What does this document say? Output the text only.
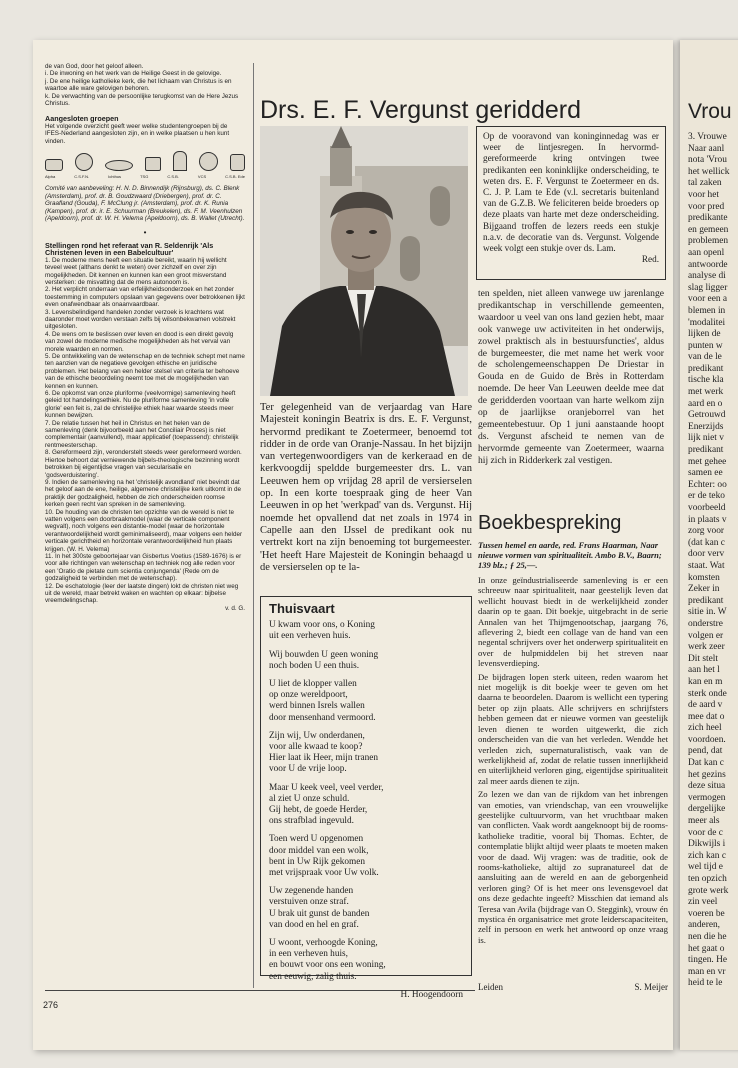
Vrou
3. Vrouwe
Naar aanl
nota 'Vrou
het wellick
tal zaken
voor het
voor pred
predikante
en gemeen
problemen
aan openl
antwoorde
analyse di
slag ligger
voor een a
blemen in
'modalitei
lijken de
punten w
van de le
predikant
tische kla
met werk
aard en o
Getrouwd
Enerzijds
lijk niet v
predikant
met gehee
samen ee
Echter: oo
er de teko
voorbeeld
in plaats v
zorg voor
(dat kan c
door verv
staat. Wat
komsten
Zeker in
predikant
sitie in. W
onderstre
volgen er
werk zeer
Dit stelt
aan het l
kan en m
sterk onde
de aard v
mee dat o
zich heel
voordoen.
pend, dat
Dat kan c
het gezins
deze situa
vermogen
dergelijke
meer als
voor de c
Dikwijls i
zich kan c
wel tijd e
ten opzich
grote werk
zin veel
voeren be
anderen,
nen die he
het gaat o
tingen. He
man en vr
heid te le

de van God, door het geloof alleen.

i. De inwoning en het werk van de Heilige Geest in de gelovige.

j. De ene heilige katholieke kerk, die het lichaam van Christus is en waartoe alle ware gelovigen behoren.

k. De verwachting van de persoonlijke terugkomst van de Here Jezus Christus.

Aangesloten groepen

Het volgende overzicht geeft weer welke studentengroepen bij de IFES-Nederland aangesloten zijn, en in welke plaatsen u hen kunt vinden.

Alpha	C.S.F.N.	Ichthus	TSG	C.S.B.	VCS	C.S.B. Ede

Comité van aanbeveling: H. N. D. Binnendijk (Rijnsburg), ds. C. Blenk (Amsterdam), prof. dr. B. Goudzwaard (Driebergen), prof. dr. C. Graafland (Gouda), F. McClung jr. (Amsterdam), prof. dr. K. Runia (Kampen), prof. dr. ir. E. Schuurman (Breukelen), ds. F. M. Veenhulzen (Apeldoorn), prof. dr. W. H. Velema (Apeldoorn), ds. B. Wallet (Utrecht).

•

Stellingen rond het referaat van R. Seldenrijk 'Als Christenen leven in een Babelcultuur'

1. De moderne mens heeft een situatie bereikt, waarin hij wellicht teveel weet (althans denkt te weten) over zichzelf en over zijn mogelijkheden. Dit kennen en kunnen kan een groot misverstand versterken: de misvatting dat de mens autonoom is.

2. Het verplicht onderraan van erfelijkheidsonderzoek en het zonder toestemming in computers opslaan van gegevens over betrokkenen lijkt even onafwendbaar als onaanvaardbaar.

3. Levensbelindigend handelen zonder verzoek is krachtens wat daaronder moet worden verstaan zelfs bij wilsonbekwamen volstrekt uitgesloten.

4. De wens om te beslissen over leven en dood is een direkt gevolg van zowel de moderne medische mogelijkheden als het verval van morele waarden en normen.

5. De ontwikkeling van de wetenschap en de techniek schept met name ten aanzien van de negatieve gevolgen ethische en juridische problemen. Het belang van een helder stelsel van criteria ter behoeve van de ethische beoordeling neemt toe met de mogelijkheden van kennen en kunnen.

6. De opkomst van onze pluriforme (veelvormige) samenleving heeft geleid tot handelingsethiek. Nu de pluriforme samenleving 'in volle glorie' een feit is, zal de christelijke ethiek haar waarde steeds meer kunnen bewijzen.

7. De relatie tussen het heil in Christus en het helen van de samenleving (denk bijvoorbeeld aan het Conciliair Proces) is niet complementair (aanvullend), maar applicatief (toepassend): christelijk rentmeesterschap.

8. Gereformeerd zijn, veronderstelt steeds weer gereformeerd worden. Hiertoe behoort dat verniewende bijbels-theologische bezinning wordt betrokken bij eigentijdse vragen van secularisatie en 'godsverduistering'.

9. Indien de samenleving na het 'christelijk avondland' niet bevindt dat het geloof aan de ene, heilige, algemene christelijke kerk uitkomt in de praktijk der godzaligheid, hebben de zich onderscheiden roomse kerken geen recht van spreken in de samenleving.

10. De houding van de christen ten opzichte van de wereld is niet te vatten volgens een doorbraakmodel (waar de verticale component wegvalt), noch volgens een distantie-model (waar de horizontale verantwoordelijkheid wordt geminimaliseerd), maar volgens een helder verticale gerichtheid en horizontale verantwoordelijkheid hun plaats krijgen. (W. H. Velema)

11. In het 300ste geboortejaar van Gisbertus Voetius (1589-1676) is er voor alle richtingen van wetenschap en techniek nog alle reden voor een 'Oratio de pietate cum scientia conjungenda' (Rede om de godzaligheid te verbinden met de wetenschap).

12. De eschatologie (leer der laatste dingen) lokt de christen niet weg uit de wereld, maar betrekt waken en wachten op elkaar: bijbelse vreemdelingschap.

v. d. G.

276
Drs. E. F. Vergunst geridderd
Ter gelegenheid van de verjaardag van Hare Majesteit koningin Beatrix is drs. E. F. Vergunst, hervormd predikant te Zoetermeer, benoemd tot ridder in de orde van Oranje-Nassau. In het bijzijn van vertegenwoordigers van de kerkeraad en de kerkvoogdij speldde burgemeester drs. L. van Leeuwen hem op vrijdag 28 april de versierselen op. In een korte toespraak ging de heer Van Leeuwen in op het 'werkpad' van ds. Vergunst. Hij noemde het opvallend dat net zoals in 1974 in Capelle aan den IJssel de predikant ook nu vertrekt kort na zijn benoeming tot burgemeester. 'Het heeft Hare Majesteit de Koningin behaagd u de versierselen op te la-
Op de vooravond van koninginnedag was er weer de lintjesregen. In hervormd-gereformeerde kring ontvingen twee predikanten een koninklijke onderscheiding, te weten drs. E. F. Vergunst te Zoetermeer en ds. C. J. P. Lam te Ede (v.l. secretaris buitenland van de G.Z.B. We feliciteren beide broeders op deze plaats van harte met deze onderscheiding. Bijgaand troffen de lezers reeds een stukje n.a.v. de decoratie van ds. Vergunst. Volgende week volgt een stukje over ds. Lam.
Red.
ten spelden, niet alleen vanwege uw jarenlange predikantschap in verschillende gemeenten, waardoor u veel van ons land gezien hebt, maar ook vanwege uw activiteiten in het onderwijs, zowel praktisch als in bestuursfuncties', aldus de burgemeester, die met name het werk voor de scholengemeenschappen De Driestar in Gouda en de Guido de Brès in Rotterdam noemde. De heer Van Leeuwen deelde mee dat de geridderden voortaan van harte welkom zijn op de jaarlijkse oranjeborrel van het gemeentebestuur. Op 1 juni aanstaande hoopt ds. Vergunst afscheid te nemen van de hervormde gemeente van Zoetermeer, waarna hij zich in Ridderkerk zal vestigen.
Thuisvaart
U kwam voor ons, o Koning
uit een verheven huis.
Wij bouwden U geen woning
noch boden U een thuis.
U liet de klopper vallen
op onze wereldpoort,
werd binnen Isrels wallen
door mensenhand vermoord.
Zijn wij, Uw onderdanen,
voor alle kwaad te koop?
Hier laat ik Heer, mijn tranen
voor U de vrije loop.
Maar U keek veel, veel verder,
al ziet U onze schuld.
Gij hebt, de goede Herder,
ons strafblad ingevuld.
Toen werd U opgenomen
door middel van een wolk,
bent in Uw Rijk gekomen
met vrijspraak voor Uw volk.
Uw zegenende handen
verstuiven onze straf.
U brak uit gunst de banden
van dood en hel en graf.
U woont, verhoogde Koning,
in een verheven huis,
en bouwt voor ons een woning,
een eeuwig, zalig thuis.
H. Hoogendoorn
Boekbespreking
Tussen hemel en aarde, red. Frans Haarman, Naar nieuwe vormen van spiritualiteit. Ambo B.V., Baarn; 139 blz.; ƒ 25,—.

In onze geïndustrialiseerde samenleving is er een schreeuw naar spiritualiteit, naar geestelijk leven dat wellicht houvast biedt in de werkelijkheid zonder daarin op te gaan. Dit boekje, uitgebracht in de serie Annalen van het Thijmgenootschap, jaargang 76, aflevering 2, biedt een collage van de hand van een negental schrijvers over het onderwerp spiritualiteit en over de hulpmiddelen bij het streven naar levensverdieping.

De bijdragen lopen sterk uiteen, reden waarom het niet mogelijk is dit boekje weer te geven om het daarna te beoordelen. Daarom is wellicht een typering beter op zijn plaats. Alle schrijvers en schrijfsters hebben gemeen dat er nieuwe vormen van geestelijk leven dienen te worden uitgewerkt, die zich onderscheiden van die van het verleden. Wendde het verleden zich, supernaturalistisch, vaak van de werkelijkheid af, zodat de relatie tussen innerlijkheid en uiterlijkheid verloren ging, eigentijdse spiritualiteit zal meer aards dienen te zijn.

Zo lezen we dan van de rijkdom van het inbrengen van emoties, van vriendschap, van een vrouwelijke geestelijke cultuurvorm, van het vruchtbaar maken van conflicten. Vaak wordt aangeknoopt bij de rooms-katholieke traditie, vooral bij Thomas. Echter, de contemplatie blijkt altijd weer plaats te moeten maken voor de daad. Wij vragen: was de traditie, ook de rooms-katholieke, altijd zo supranatureel dat de aansluiting aan de wereld en aan de geborgenheid verloren ging? Of is het meer ons levensgevoel dat ons deze gedachte ingeeft? Misschien dat iemand als Teresa van Avila (bijdrage van O. Steggink), vrouw én mystica én organisatrice met grote leiderscapaciteiten, zelf in persoon en werk het antwoord op onze vraag is.

Leiden	S. Meijer
